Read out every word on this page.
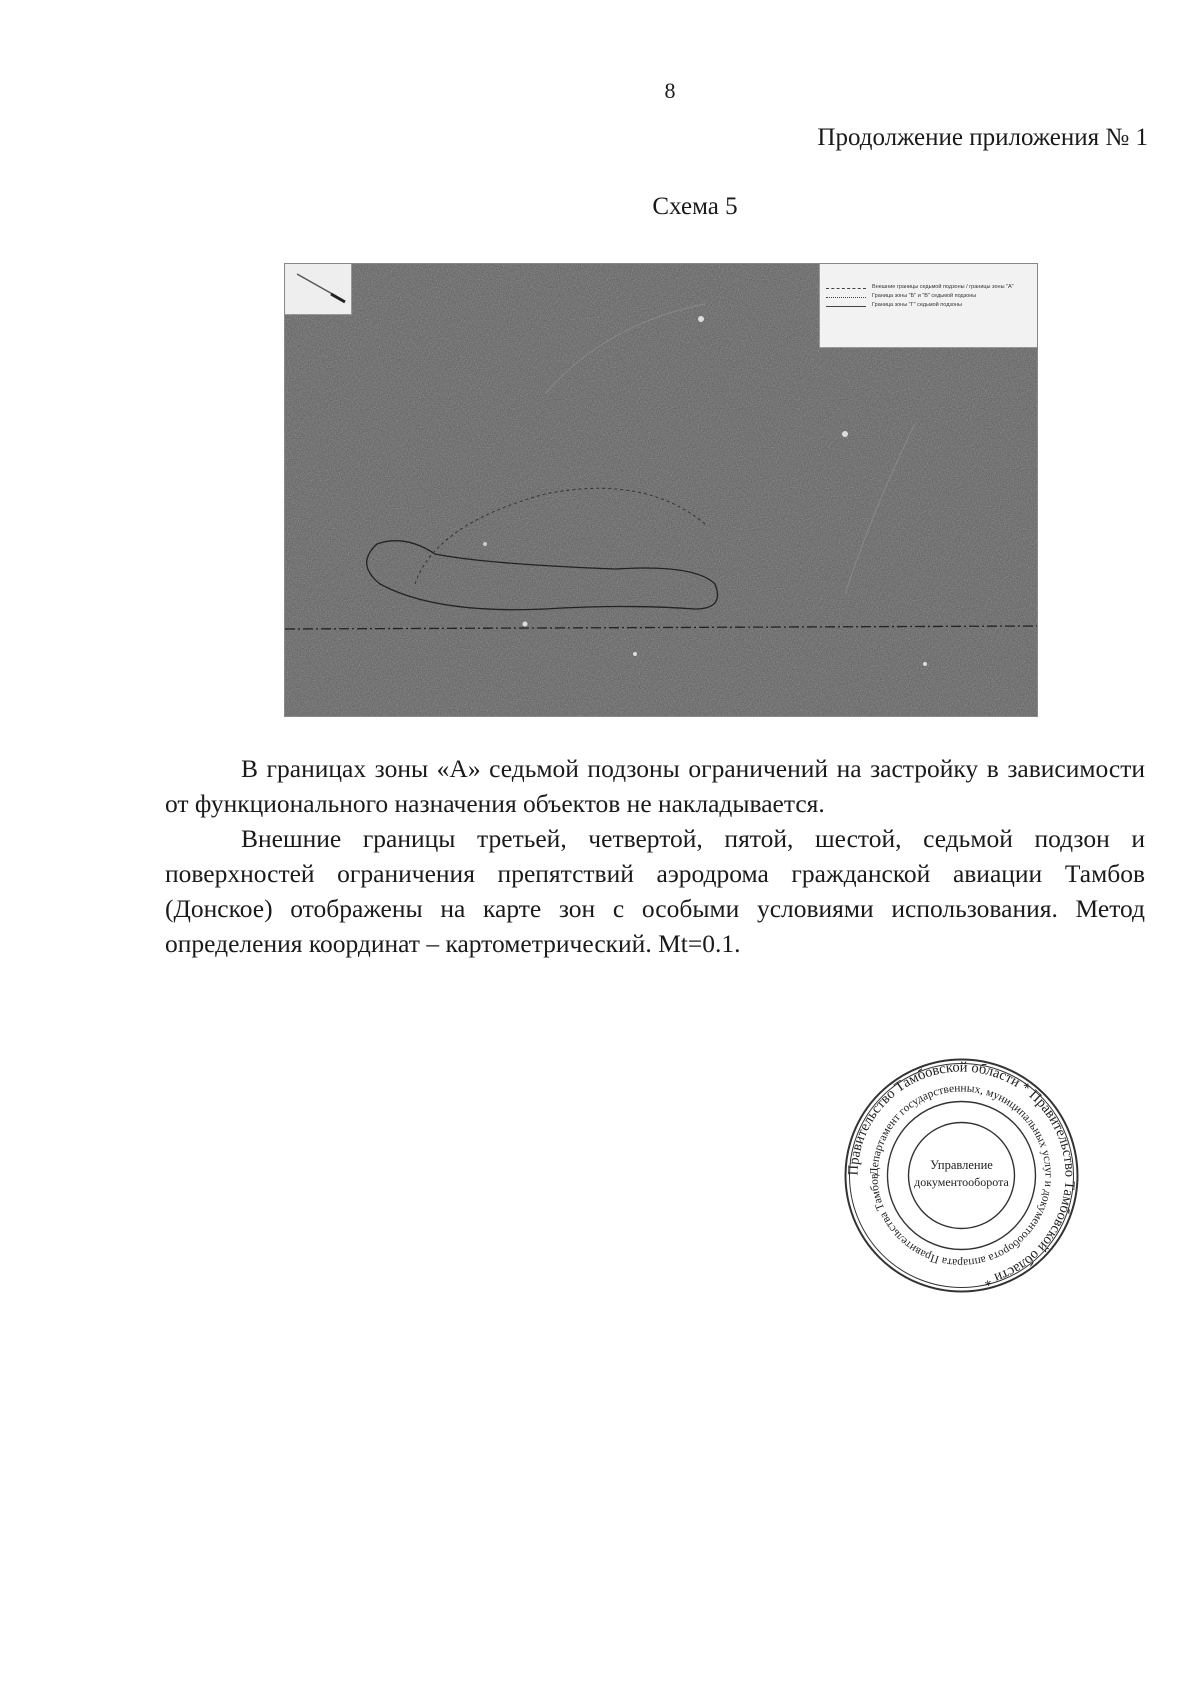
8
Продолжение приложения № 1
Схема 5
Внешние границы седьмой подзоны / границы зоны "А"
Граница зоны "Б" и "В" седьмой подзоны
Граница зоны "Г" седьмой подзоны

В границах зоны «А» седьмой подзоны ограничений на застройку в зависимости от функционального назначения объектов не накладывается.

Внешние границы третьей, четвертой, пятой, шестой, седьмой подзон и поверхностей ограничения препятствий аэродрома гражданской авиации Тамбов (Донское) отображены на карте зон с особыми условиями использования. Метод определения координат – картометрический. Mt=0.1.

Правительство Тамбовской области * Правительство Тамбовской области *
Департамент государственных, муниципальных услуг и документооборота аппарата Правительства Тамбов
Управление
документооборота
